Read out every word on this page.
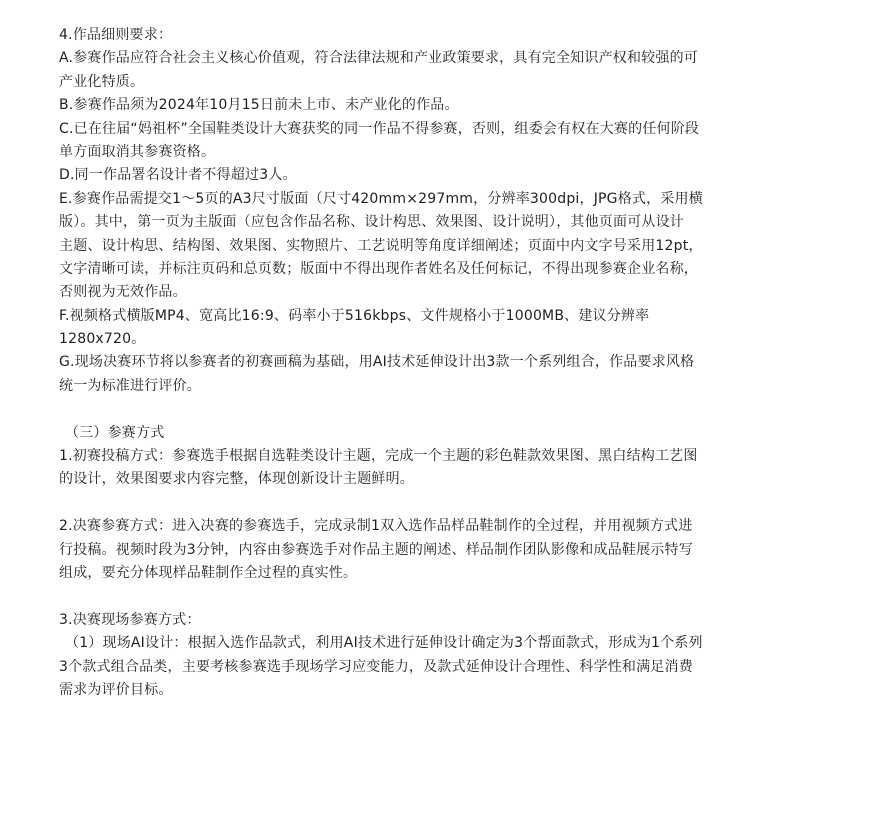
4.作品细则要求：
A.参赛作品应符合社会主义核心价值观，符合法律法规和产业政策要求，具有完全知识产权和较强的可
产业化特质。
B.参赛作品须为2024年10月15日前未上市、未产业化的作品。
C.已在往届“妈祖杯”全国鞋类设计大赛获奖的同一作品不得参赛，否则，组委会有权在大赛的任何阶段
单方面取消其参赛资格。
D.同一作品署名设计者不得超过3人。
E.参赛作品需提交1～5页的A3尺寸版面（尺寸420mm×297mm，分辨率300dpi，JPG格式，采用横
版）。其中，第一页为主版面（应包含作品名称、设计构思、效果图、设计说明），其他页面可从设计
主题、设计构思、结构图、效果图、实物照片、工艺说明等角度详细阐述；页面中内文字号采用12pt，
文字清晰可读，并标注页码和总页数；版面中不得出现作者姓名及任何标记，不得出现参赛企业名称，
否则视为无效作品。
F.视频格式横版MP4、宽高比16:9、码率小于516kbps、文件规格小于1000MB、建议分辨率
1280x720。
G.现场决赛环节将以参赛者的初赛画稿为基础，用AI技术延伸设计出3款一个系列组合，作品要求风格
统一为标准进行评价。
（三）参赛方式
1.初赛投稿方式：参赛选手根据自选鞋类设计主题，完成一个主题的彩色鞋款效果图、黑白结构工艺图
的设计，效果图要求内容完整，体现创新设计主题鲜明。
2.决赛参赛方式：进入决赛的参赛选手，完成录制1双入选作品样品鞋制作的全过程，并用视频方式进
行投稿。视频时段为3分钟，内容由参赛选手对作品主题的阐述、样品制作团队影像和成品鞋展示特写
组成，要充分体现样品鞋制作全过程的真实性。
3.决赛现场参赛方式：
（1）现场AI设计：根据入选作品款式，利用AI技术进行延伸设计确定为3个帮面款式，形成为1个系列
3个款式组合品类，主要考核参赛选手现场学习应变能力，及款式延伸设计合理性、科学性和满足消费
需求为评价目标。
